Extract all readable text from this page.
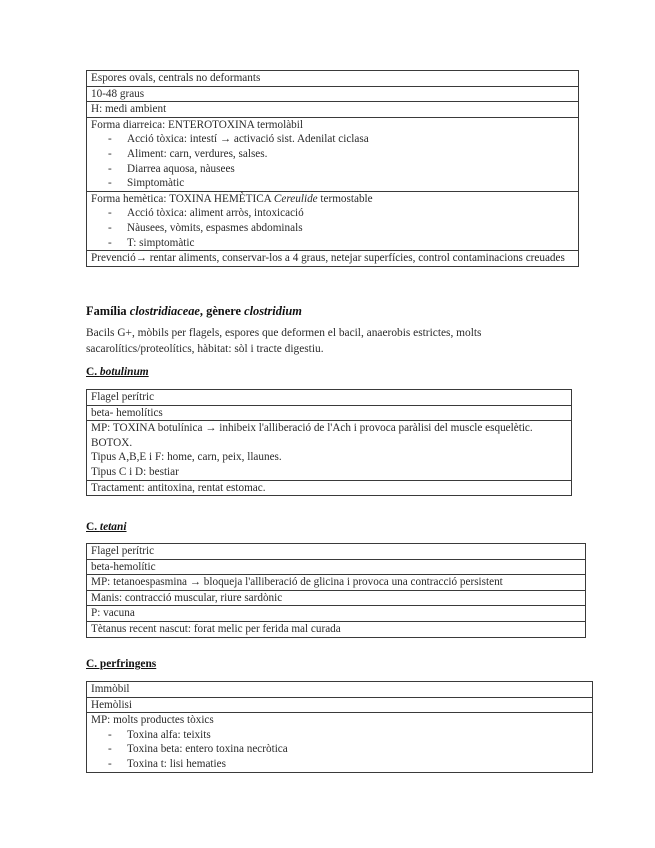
Espores ovals, centrals no deformants
10-48 graus
H: medi ambient

Forma diarreica: ENTEROTOXINA termolàbil
- Acció tòxica: intestí → activació sist. Adenilat ciclasa
- Aliment: carn, verdures, salses.
- Diarrea aquosa, nàusees
- Simptomàtic

Forma hemètica: TOXINA HEMÈTICA Cereulide termostable
- Acció tòxica: aliment arròs, intoxicació
- Nàusees, vòmits, espasmes abdominals
- T: simptomàtic

Prevenció→ rentar aliments, conservar-los a 4 graus, netejar superfícies, control contaminacions creuades
Família clostridiaceae, gènere clostridium
Bacils G+, mòbils per flagels, espores que deformen el bacil, anaerobis estrictes, molts sacarolítics/proteolítics, hàbitat: sòl i tracte digestiu.
C. botulinum
Flagel perítric
beta- hemolítics

MP: TOXINA botulínica → inhibeix l'alliberació de l'Ach i provoca paràlisi del muscle esquelètic.
BOTOX.
Tipus A,B,E i F: home, carn, peix, llaunes.
Tipus C i D: bestiar

Tractament: antitoxina, rentat estomac.
C. tetani
Flagel perítric
beta-hemolític
MP: tetanoespasmina → bloqueja l'alliberació de glicina i provoca una contracció persistent
Manis: contracció muscular, riure sardònic
P: vacuna
Tètanus recent nascut: forat melic per ferida mal curada
C. perfringens
Immòbil
Hemòlisi

MP: molts productes tòxics
- Toxina alfa: teixits
- Toxina beta: entero toxina necròtica
- Toxina t: lisi hematies
